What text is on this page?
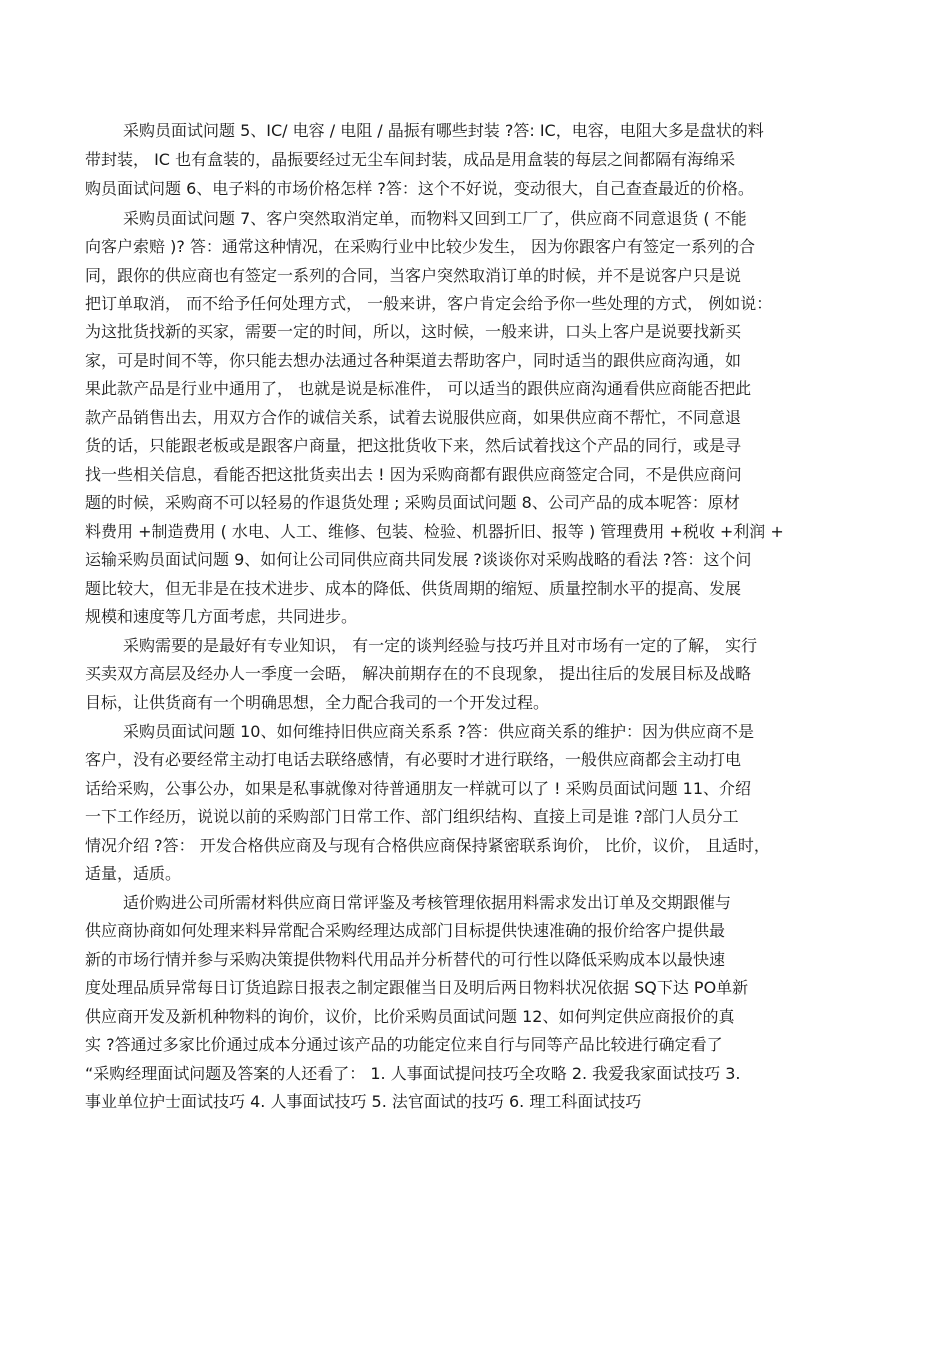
采购员面试问题 5、IC/ 电容 / 电阻 / 晶振有哪些封装 ?答: IC，电容，电阻大多是盘状的料
带封装， IC 也有盒装的，晶振要经过无尘车间封装，成品是用盒装的每层之间都隔有海绵采
购员面试问题 6、电子料的市场价格怎样 ?答：这个不好说，变动很大，自己查查最近的价格。
采购员面试问题 7、客户突然取消定单，而物料又回到工厂了，供应商不同意退货 ( 不能
向客户索赔 )? 答：通常这种情况，在采购行业中比较少发生， 因为你跟客户有签定一系列的合
同，跟你的供应商也有签定一系列的合同，当客户突然取消订单的时候，并不是说客户只是说
把订单取消， 而不给予任何处理方式， 一般来讲，客户肯定会给予你一些处理的方式， 例如说：
为这批货找新的买家，需要一定的时间，所以，这时候，一般来讲，口头上客户是说要找新买
家，可是时间不等，你只能去想办法通过各种渠道去帮助客户，同时适当的跟供应商沟通，如
果此款产品是行业中通用了， 也就是说是标准件， 可以适当的跟供应商沟通看供应商能否把此
款产品销售出去，用双方合作的诚信关系，试着去说服供应商，如果供应商不帮忙，不同意退
货的话，只能跟老板或是跟客户商量，把这批货收下来，然后试着找这个产品的同行，或是寻
找一些相关信息，看能否把这批货卖出去 ! 因为采购商都有跟供应商签定合同，不是供应商问
题的时候，采购商不可以轻易的作退货处理 ; 采购员面试问题 8、公司产品的成本呢答：原材
料费用 +制造费用 ( 水电、人工、维修、包装、检验、机器折旧、报等 ) 管理费用 +税收 +利润 +
运输采购员面试问题 9、如何让公司同供应商共同发展 ?谈谈你对采购战略的看法 ?答：这个问
题比较大，但无非是在技术进步、成本的降低、供货周期的缩短、质量控制水平的提高、发展
规模和速度等几方面考虑，共同进步。
采购需要的是最好有专业知识， 有一定的谈判经验与技巧并且对市场有一定的了解， 实行
买卖双方高层及经办人一季度一会晤， 解决前期存在的不良现象， 提出往后的发展目标及战略
目标，让供货商有一个明确思想，全力配合我司的一个开发过程。
采购员面试问题 10、如何维持旧供应商关系系 ?答：供应商关系的维护：因为供应商不是
客户，没有必要经常主动打电话去联络感情，有必要时才进行联络，一般供应商都会主动打电
话给采购，公事公办，如果是私事就像对待普通朋友一样就可以了 ! 采购员面试问题 11、介绍
一下工作经历，说说以前的采购部门日常工作、部门组织结构、直接上司是谁 ?部门人员分工
情况介绍 ?答： 开发合格供应商及与现有合格供应商保持紧密联系询价， 比价，议价， 且适时，
适量，适质。
适价购进公司所需材料供应商日常评鉴及考核管理依据用料需求发出订单及交期跟催与
供应商协商如何处理来料异常配合采购经理达成部门目标提供快速准确的报价给客户提供最
新的市场行情并参与采购决策提供物料代用品并分析替代的可行性以降低采购成本以最快速
度处理品质异常每日订货追踪日报表之制定跟催当日及明后两日物料状况依据 SQ下达 PO单新
供应商开发及新机种物料的询价，议价，比价采购员面试问题 12、如何判定供应商报价的真
实 ?答通过多家比价通过成本分通过该产品的功能定位来自行与同等产品比较进行确定看了
“采购经理面试问题及答案的人还看了： 1. 人事面试提问技巧全攻略 2. 我爱我家面试技巧 3.
事业单位护士面试技巧 4. 人事面试技巧 5. 法官面试的技巧 6. 理工科面试技巧
